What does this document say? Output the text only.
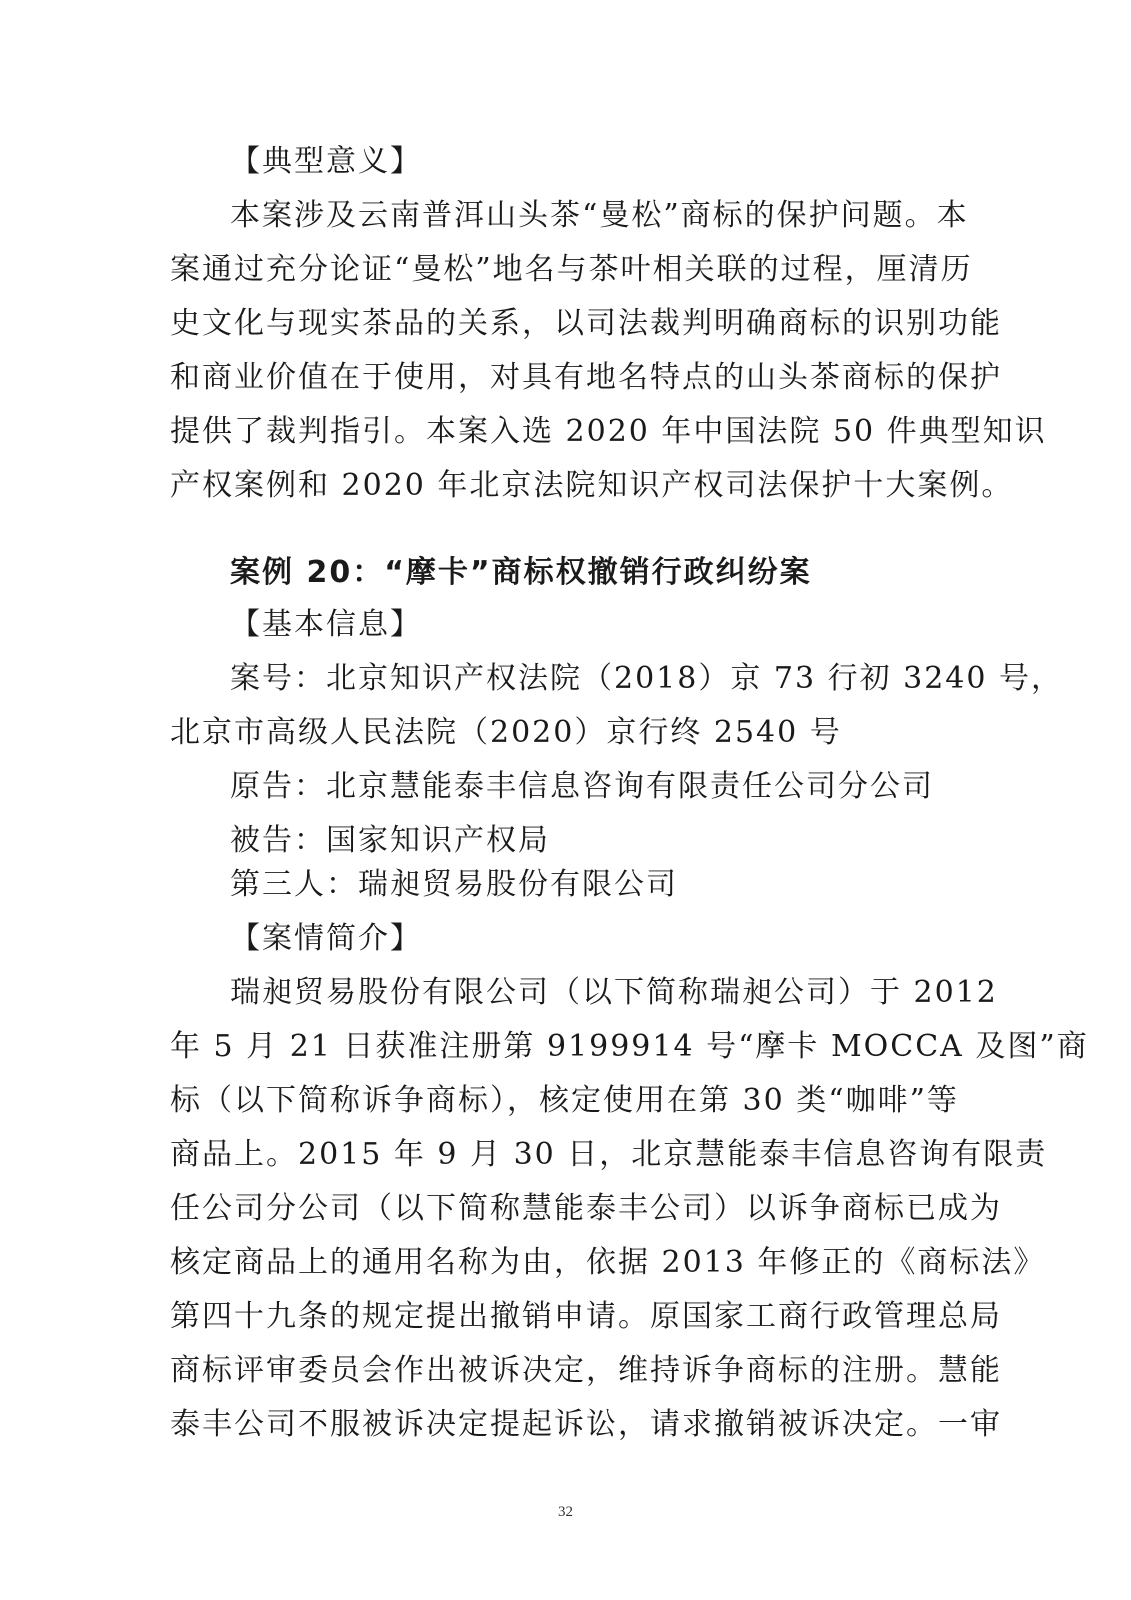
【典型意义】
本案涉及云南普洱山头茶“曼松”商标的保护问题。本
案通过充分论证“曼松”地名与茶叶相关联的过程，厘清历
史文化与现实茶品的关系，以司法裁判明确商标的识别功能
和商业价值在于使用，对具有地名特点的山头茶商标的保护
提供了裁判指引。本案入选 2020 年中国法院 50 件典型知识
产权案例和 2020 年北京法院知识产权司法保护十大案例。
案例 20：“摩卡”商标权撤销行政纠纷案
【基本信息】
案号：北京知识产权法院（2018）京 73 行初 3240 号，
北京市高级人民法院（2020）京行终 2540 号
原告：北京慧能泰丰信息咨询有限责任公司分公司
被告：国家知识产权局
第三人：瑞昶贸易股份有限公司
【案情简介】
瑞昶贸易股份有限公司（以下简称瑞昶公司）于 2012
年 5 月 21 日获准注册第 9199914 号“摩卡 MOCCA 及图”商
标（以下简称诉争商标），核定使用在第 30 类“咖啡”等
商品上。2015 年 9 月 30 日，北京慧能泰丰信息咨询有限责
任公司分公司（以下简称慧能泰丰公司）以诉争商标已成为
核定商品上的通用名称为由，依据 2013 年修正的《商标法》
第四十九条的规定提出撤销申请。原国家工商行政管理总局
商标评审委员会作出被诉决定，维持诉争商标的注册。慧能
泰丰公司不服被诉决定提起诉讼，请求撤销被诉决定。一审
32
